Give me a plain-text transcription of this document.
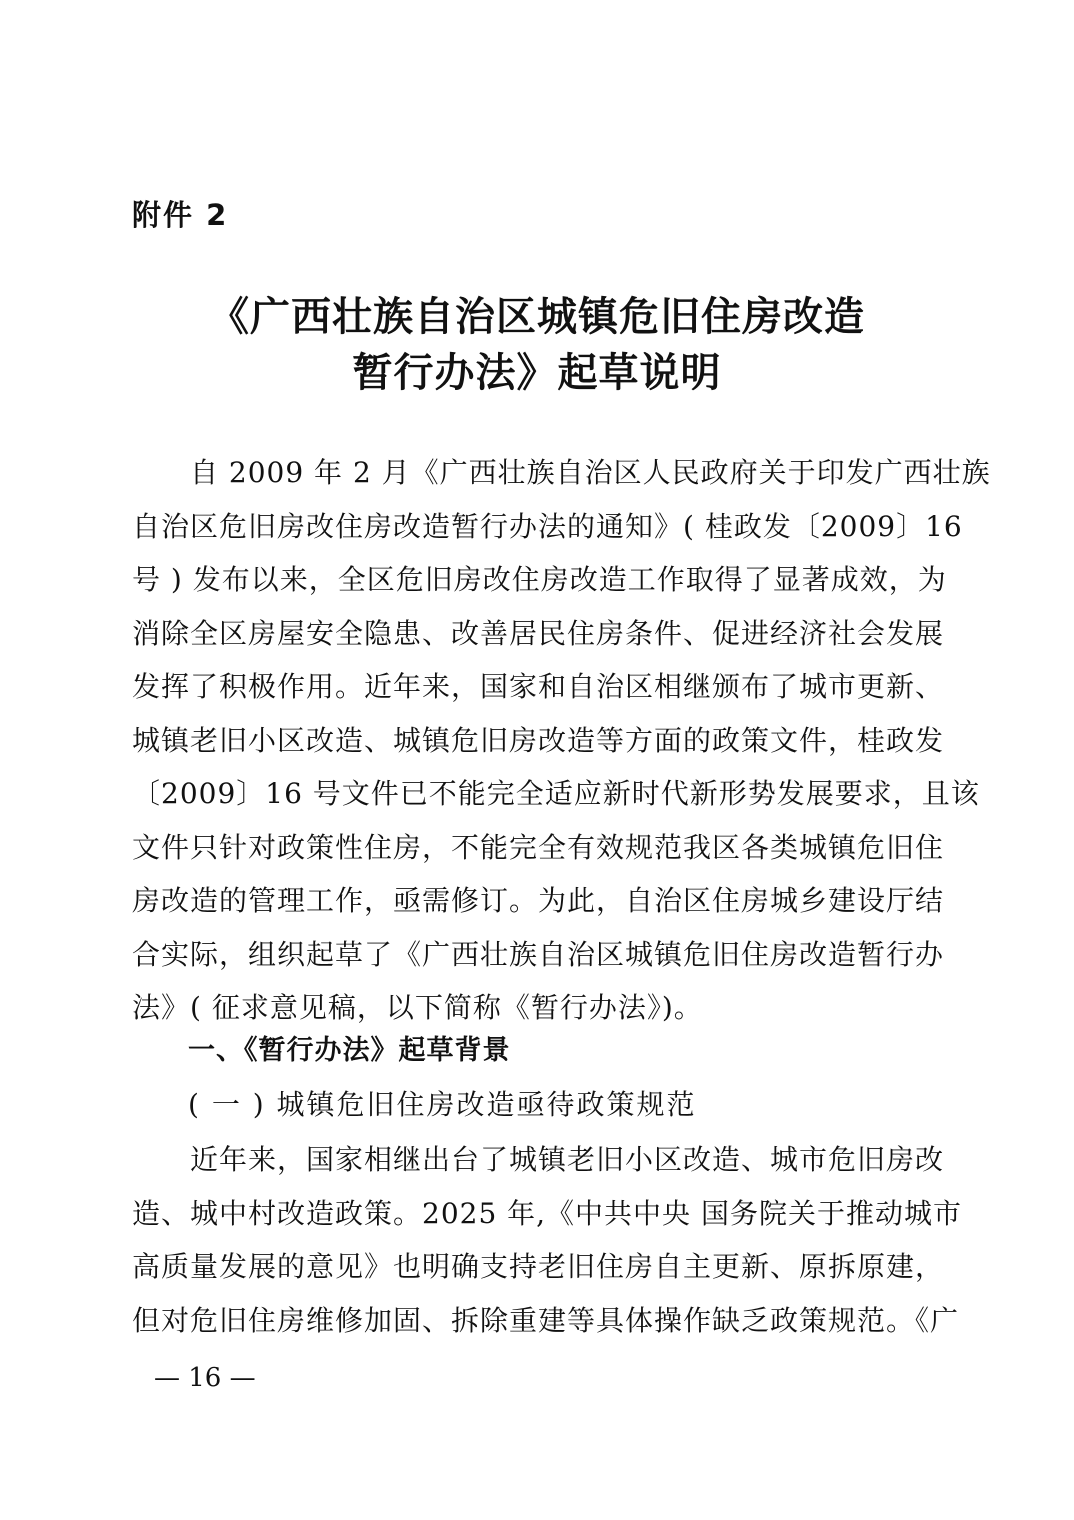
附件 2
《广西壮族自治区城镇危旧住房改造
暂行办法》起草说明
　　自 2009 年 2 月《广西壮族自治区人民政府关于印发广西壮族
自治区危旧房改住房改造暂行办法的通知》( 桂政发〔2009〕16
号 ) 发布以来，全区危旧房改住房改造工作取得了显著成效，为
消除全区房屋安全隐患、改善居民住房条件、促进经济社会发展
发挥了积极作用。近年来，国家和自治区相继颁布了城市更新、
城镇老旧小区改造、城镇危旧房改造等方面的政策文件，桂政发
〔2009〕16 号文件已不能完全适应新时代新形势发展要求，且该
文件只针对政策性住房，不能完全有效规范我区各类城镇危旧住
房改造的管理工作，亟需修订。为此，自治区住房城乡建设厅结
合实际，组织起草了《广西壮族自治区城镇危旧住房改造暂行办
法》( 征求意见稿，以下简称《暂行办法》)。
一、《暂行办法》起草背景
( 一 ) 城镇危旧住房改造亟待政策规范
　　近年来，国家相继出台了城镇老旧小区改造、城市危旧房改
造、城中村改造政策。2025 年,《中共中央 国务院关于推动城市
高质量发展的意见》也明确支持老旧住房自主更新、原拆原建，
但对危旧住房维修加固、拆除重建等具体操作缺乏政策规范。《广
— 16 —
